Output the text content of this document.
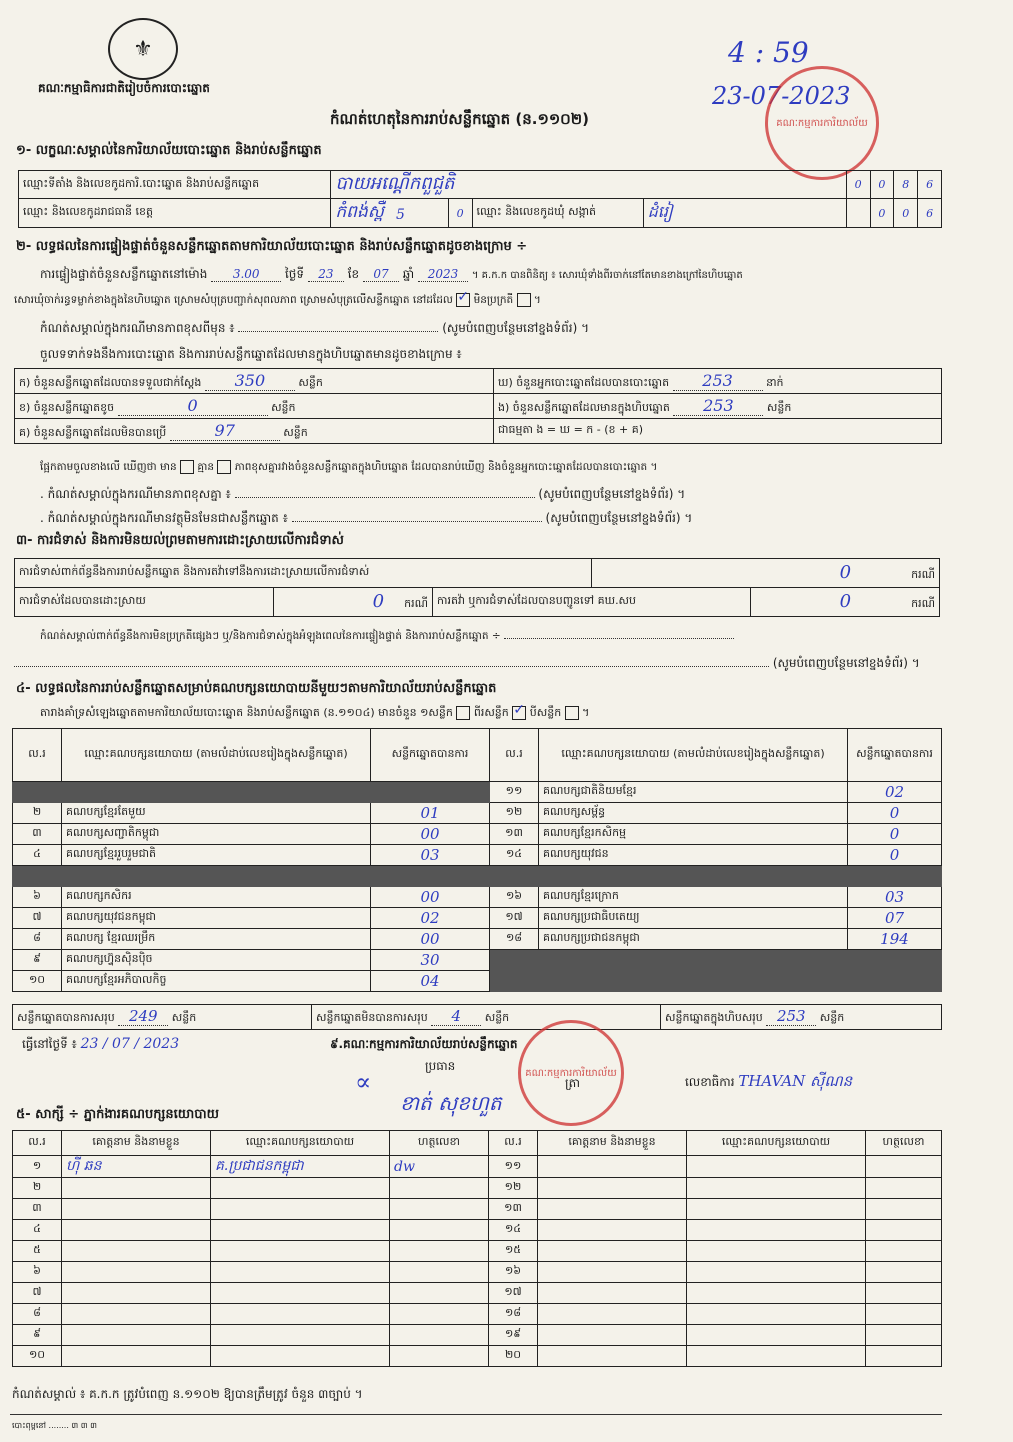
⚜
គណៈកម្មាធិការជាតិរៀបចំការបោះឆ្នោត
កំណត់ហេតុនៃការរាប់សន្លឹកឆ្នោត (ន.១១០២)
4 : 59
23-07-2023
គណៈកម្មការការិយាល័យ
១- លក្ខណៈសម្គាល់នៃការិយាល័យបោះឆ្នោត និងរាប់សន្លឹកឆ្នោត
ឈ្មោះទីតាំង និងលេខកូដការិ.បោះឆ្នោត និងរាប់សន្លឹកឆ្នោត	បាយអណ្តើកពួជួតិ				0	0	8	6
ឈ្មោះ និងលេខកូដរាជធានី ខេត្ត	កំពង់ស្ពឺ	0	ឈ្មោះ និងលេខកូដឃុំ សង្កាត់	ដំរៀ		0	0	6
5
២- លទ្ធផលនៃការផ្ទៀងផ្ទាត់ចំនួនសន្លឹកឆ្នោតតាមការិយាល័យបោះឆ្នោត និងរាប់សន្លឹកឆ្នោតដូចខាងក្រោម ÷
ការផ្ទៀងផ្ទាត់ចំនួនសន្លឹកឆ្នោតនៅម៉ោង 3.00 ថ្ងៃទី 23 ខែ 07 ឆ្នាំ 2023 ។ គ.ក.ក បានពិនិត្យ ៖ សោរឃុំទាំងពីរចាក់នៅតែមានខាងក្រៅនៃហិបឆ្នោត
សោរឃុំចាក់រន្ធទម្លាក់ខាងក្នុងនៃហិបឆ្នោត ស្រោមសំបុត្របញ្ជាក់សុពលភាព ស្រោមសំបុត្រលើសន្លឹកឆ្នោត នៅដដែល ✓ មិនប្រក្រតី  ។
កំណត់សម្គាល់ក្នុងករណីមានភាពខុសពីមុន ៖	(សូមបំពេញបន្ថែមនៅខ្នងទំព័រ) ។
ចួលទទាក់ទងនឹងការបោះឆ្នោត និងការរាប់សន្លឹកឆ្នោតដែលមានក្នុងហិបឆ្នោតមានដូចខាងក្រោម ៖
ក) ចំនួនសន្លឹកឆ្នោតដែលបានទទួលជាក់ស្តែង 350 សន្លឹក	ឃ) ចំនួនអ្នកបោះឆ្នោតដែលបានបោះឆ្នោត 253 នាក់
ខ) ចំនួនសន្លឹកឆ្នោតខូច 0 សន្លឹក	ង) ចំនួនសន្លឹកឆ្នោតដែលមានក្នុងហិបឆ្នោត 253 សន្លឹក
គ) ចំនួនសន្លឹកឆ្នោតដែលមិនបានប្រើ 97 សន្លឹក	ជាធម្មតា ង = ឃ = ក - (ខ + គ)
ផ្អែកតាមចួលខាងលើ ឃើញថា មាន គ្មាន ភាពខុសគ្នារវាងចំនួនសន្លឹកឆ្នោតក្នុងហិបឆ្នោត ដែលបានរាប់ឃើញ និងចំនួនអ្នកបោះឆ្នោតដែលបានបោះឆ្នោត ។
. កំណត់សម្គាល់ក្នុងករណីមានភាពខុសគ្នា ៖	(សូមបំពេញបន្ថែមនៅខ្នងទំព័រ) ។
. កំណត់សម្គាល់ក្នុងករណីមានវត្ថុមិនមែនជាសន្លឹកឆ្នោត ៖	(សូមបំពេញបន្ថែមនៅខ្នងទំព័រ) ។
៣- ការជំទាស់ និងការមិនយល់ព្រមតាមការដោះស្រាយលើការជំទាស់
ការជំទាស់ពាក់ព័ន្ធនឹងការរាប់សន្លឹកឆ្នោត និងការតវ៉ាទៅនឹងការដោះស្រាយលើការជំទាស់			0 ករណី	
ការជំទាស់ដែលបានដោះស្រាយ	0 ករណី	ការតវ៉ា ឬការជំទាស់ដែលបានបញ្ជូនទៅ គឃ.សប		0 ករណី
កំណត់សម្គាល់ពាក់ព័ន្ធនឹងការមិនប្រក្រតីផ្សេងៗ ឬ/និងការជំទាស់ក្នុងអំឡុងពេលនៃការផ្ទៀងផ្ទាត់ និងការរាប់សន្លឹកឆ្នោត ÷
(សូមបំពេញបន្ថែមនៅខ្នងទំព័រ) ។
៤- លទ្ធផលនៃការរាប់សន្លឹកឆ្នោតសម្រាប់គណបក្សនយោបាយនីមួយៗតាមការិយាល័យរាប់សន្លឹកឆ្នោត
តារាងគាំទ្រសំឡេងឆ្នោតតាមការិយាល័យបោះឆ្នោត និងរាប់សន្លឹកឆ្នោត (ន.១១០៤) មានចំនួន ១សន្លឹក ពីរសន្លឹក ✓ បីសន្លឹក  ។
ល.រ	ឈ្មោះគណបក្សនយោបាយ (តាមលំដាប់លេខរៀងក្នុងសន្លឹកឆ្នោត)	សន្លឹកឆ្នោតបានការ	ល.រ	ឈ្មោះគណបក្សនយោបាយ (តាមលំដាប់លេខរៀងក្នុងសន្លឹកឆ្នោត)	សន្លឹកឆ្នោតបានការ
			១១	គណបក្សជាតិនិយមខ្មែរ	02
២	គណបក្សខ្មែរតែមួយ	01	១២	គណបក្សសម្ព័ន្ធ	0
៣	គណបក្សសញ្ជាតិកម្ពុជា	00	១៣	គណបក្សខ្មែរកសិកម្ម	0
៤	គណបក្សខ្មែររួបរួមជាតិ	03	១៤	គណបក្សយុវជន	0

៦	គណបក្សកសិករ	00	១៦	គណបក្សខ្មែរក្រោក	03
៧	គណបក្សយុវជនកម្ពុជា	02	១៧	គណបក្សប្រជាធិបតេយ្យ	07
៨	គណបក្ស ខ្មែរឈរម្រឹក	00	១៨	គណបក្សប្រជាជនកម្ពុជា	194
៩	គណបក្សហ្វ៊ុនស៊ិនប៉ិច	30			
១០	គណបក្សខ្មែរអភិបាលកិច្ច	04			
សន្លឹកឆ្នោតបានការសរុប 249 សន្លឹក	សន្លឹកឆ្នោតមិនបានការសរុប 4 សន្លឹក	សន្លឹកឆ្នោតក្នុងហិបសរុប 253 សន្លឹក
ធ្វើនៅថ្ងៃទី ៖ 23 / 07 / 2023	៩.គណៈកម្មការការិយាល័យរាប់សន្លឹកឆ្នោត
ប្រធាន
ខាត់ សុខហួត
∝	ត្រា
គណៈកម្មការការិយាល័យ
លេខាធិការ THAVAN ស៊ីណន
៥- សាក្សី ÷ ភ្នាក់ងារគណបក្សនយោបាយ
ល.រ	គោត្តនាម និងនាមខ្លួន	ឈ្មោះគណបក្សនយោបាយ	ហត្ថលេខា	ល.រ	គោត្តនាម និងនាមខ្លួន	ឈ្មោះគណបក្សនយោបាយ	ហត្ថលេខា
១	ហ៊ី ឆន	គ.ប្រជាជនកម្ពុជា	dw	១១			
២				១២			
៣				១៣			
៤				១៤			
៥				១៥			
៦				១៦			
៧				១៧			
៨				១៨			
៩				១៩			
១០				២០			
កំណត់សម្គាល់ ៖ គ.ក.ក ត្រូវបំពេញ ន.១១០២ ឱ្យបានត្រឹមត្រូវ ចំនួន ៣ច្បាប់ ។
បោះពុម្ពនៅ ........ ៣ ៣ ៣
